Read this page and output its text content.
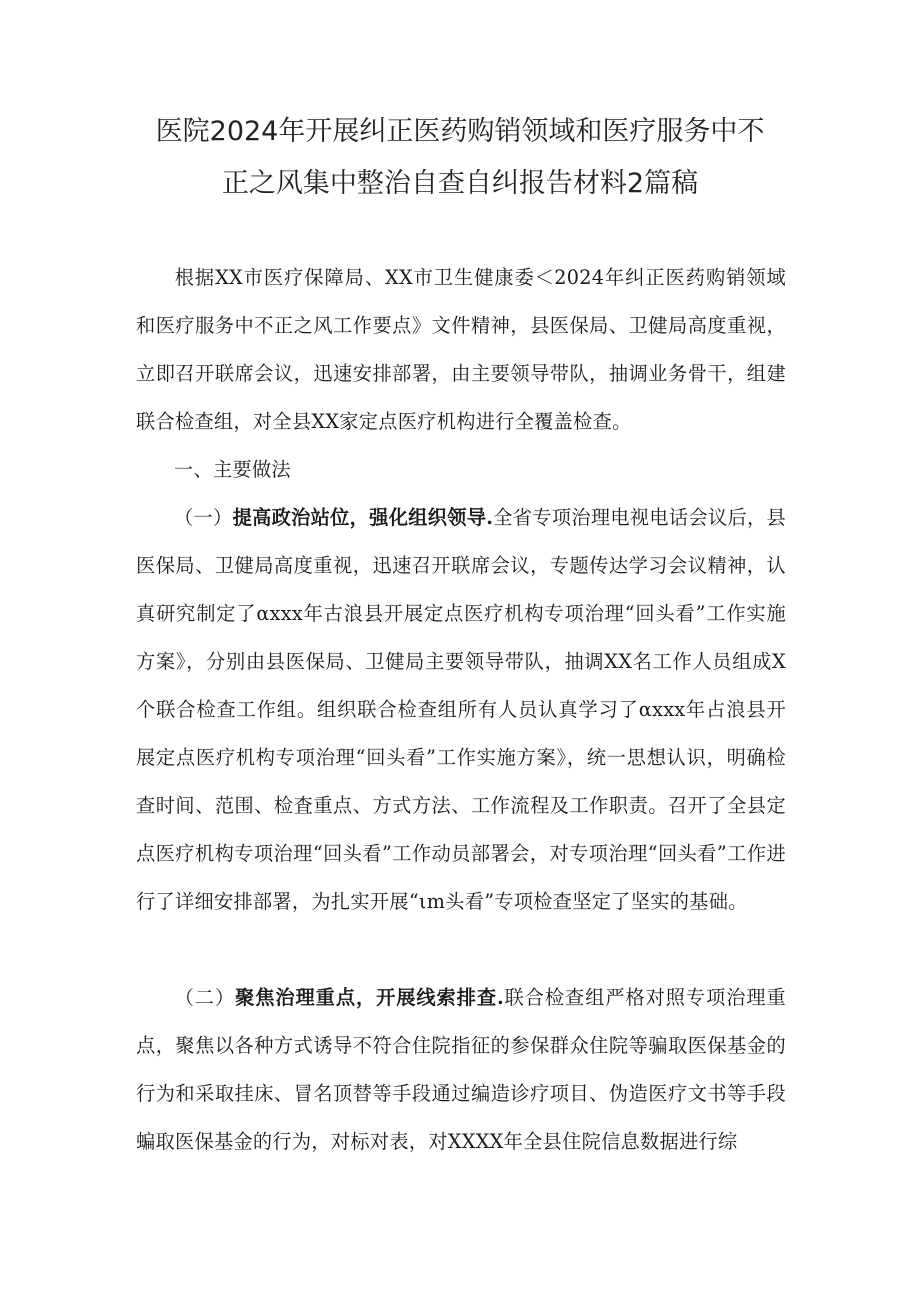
医院2024年开展纠正医药购销领域和医疗服务中不
正之风集中整治自查自纠报告材料2篇稿
根据XX市医疗保障局、XX市卫生健康委＜2024年纠正医药购销领域和医疗服务中不正之风工作要点》文件精神，县医保局、卫健局高度重视，立即召开联席会议，迅速安排部署，由主要领导带队，抽调业务骨干，组建联合检查组，对全县XX家定点医疗机构进行全覆盖检查。
一、主要做法
（一）提高政治站位，强化组织领导.全省专项治理电视电话会议后，县医保局、卫健局高度重视，迅速召开联席会议，专题传达学习会议精神，认真研究制定了αxxx年古浪县开展定点医疗机构专项治理“回头看”工作实施方案》，分别由县医保局、卫健局主要领导带队，抽调XX名工作人员组成X个联合检查工作组。组织联合检查组所有人员认真学习了αxxx年占浪县开展定点医疗机构专项治理“回头看”工作实施方案》，统一思想认识，明确检查时间、范围、检査重点、方式方法、工作流程及工作职责。召开了全县定点医疗机构专项治理“回头看”工作动员部署会，对专项治理“回头看”工作进行了详细安排部署，为扎实开展“ιm头看”专项检查坚定了坚实的基础。
（二）聚焦治理重点，开展线索排查.联合检查组严格对照专项治理重点，聚焦以各种方式诱导不符合住院指征的参保群众住院等骗取医保基金的行为和采取挂床、冒名顶替等手段通过编造诊疗项目、伪造医疗文书等手段蝙取医保基金的行为，对标对表，对XXXX年全县住院信息数据进行综
